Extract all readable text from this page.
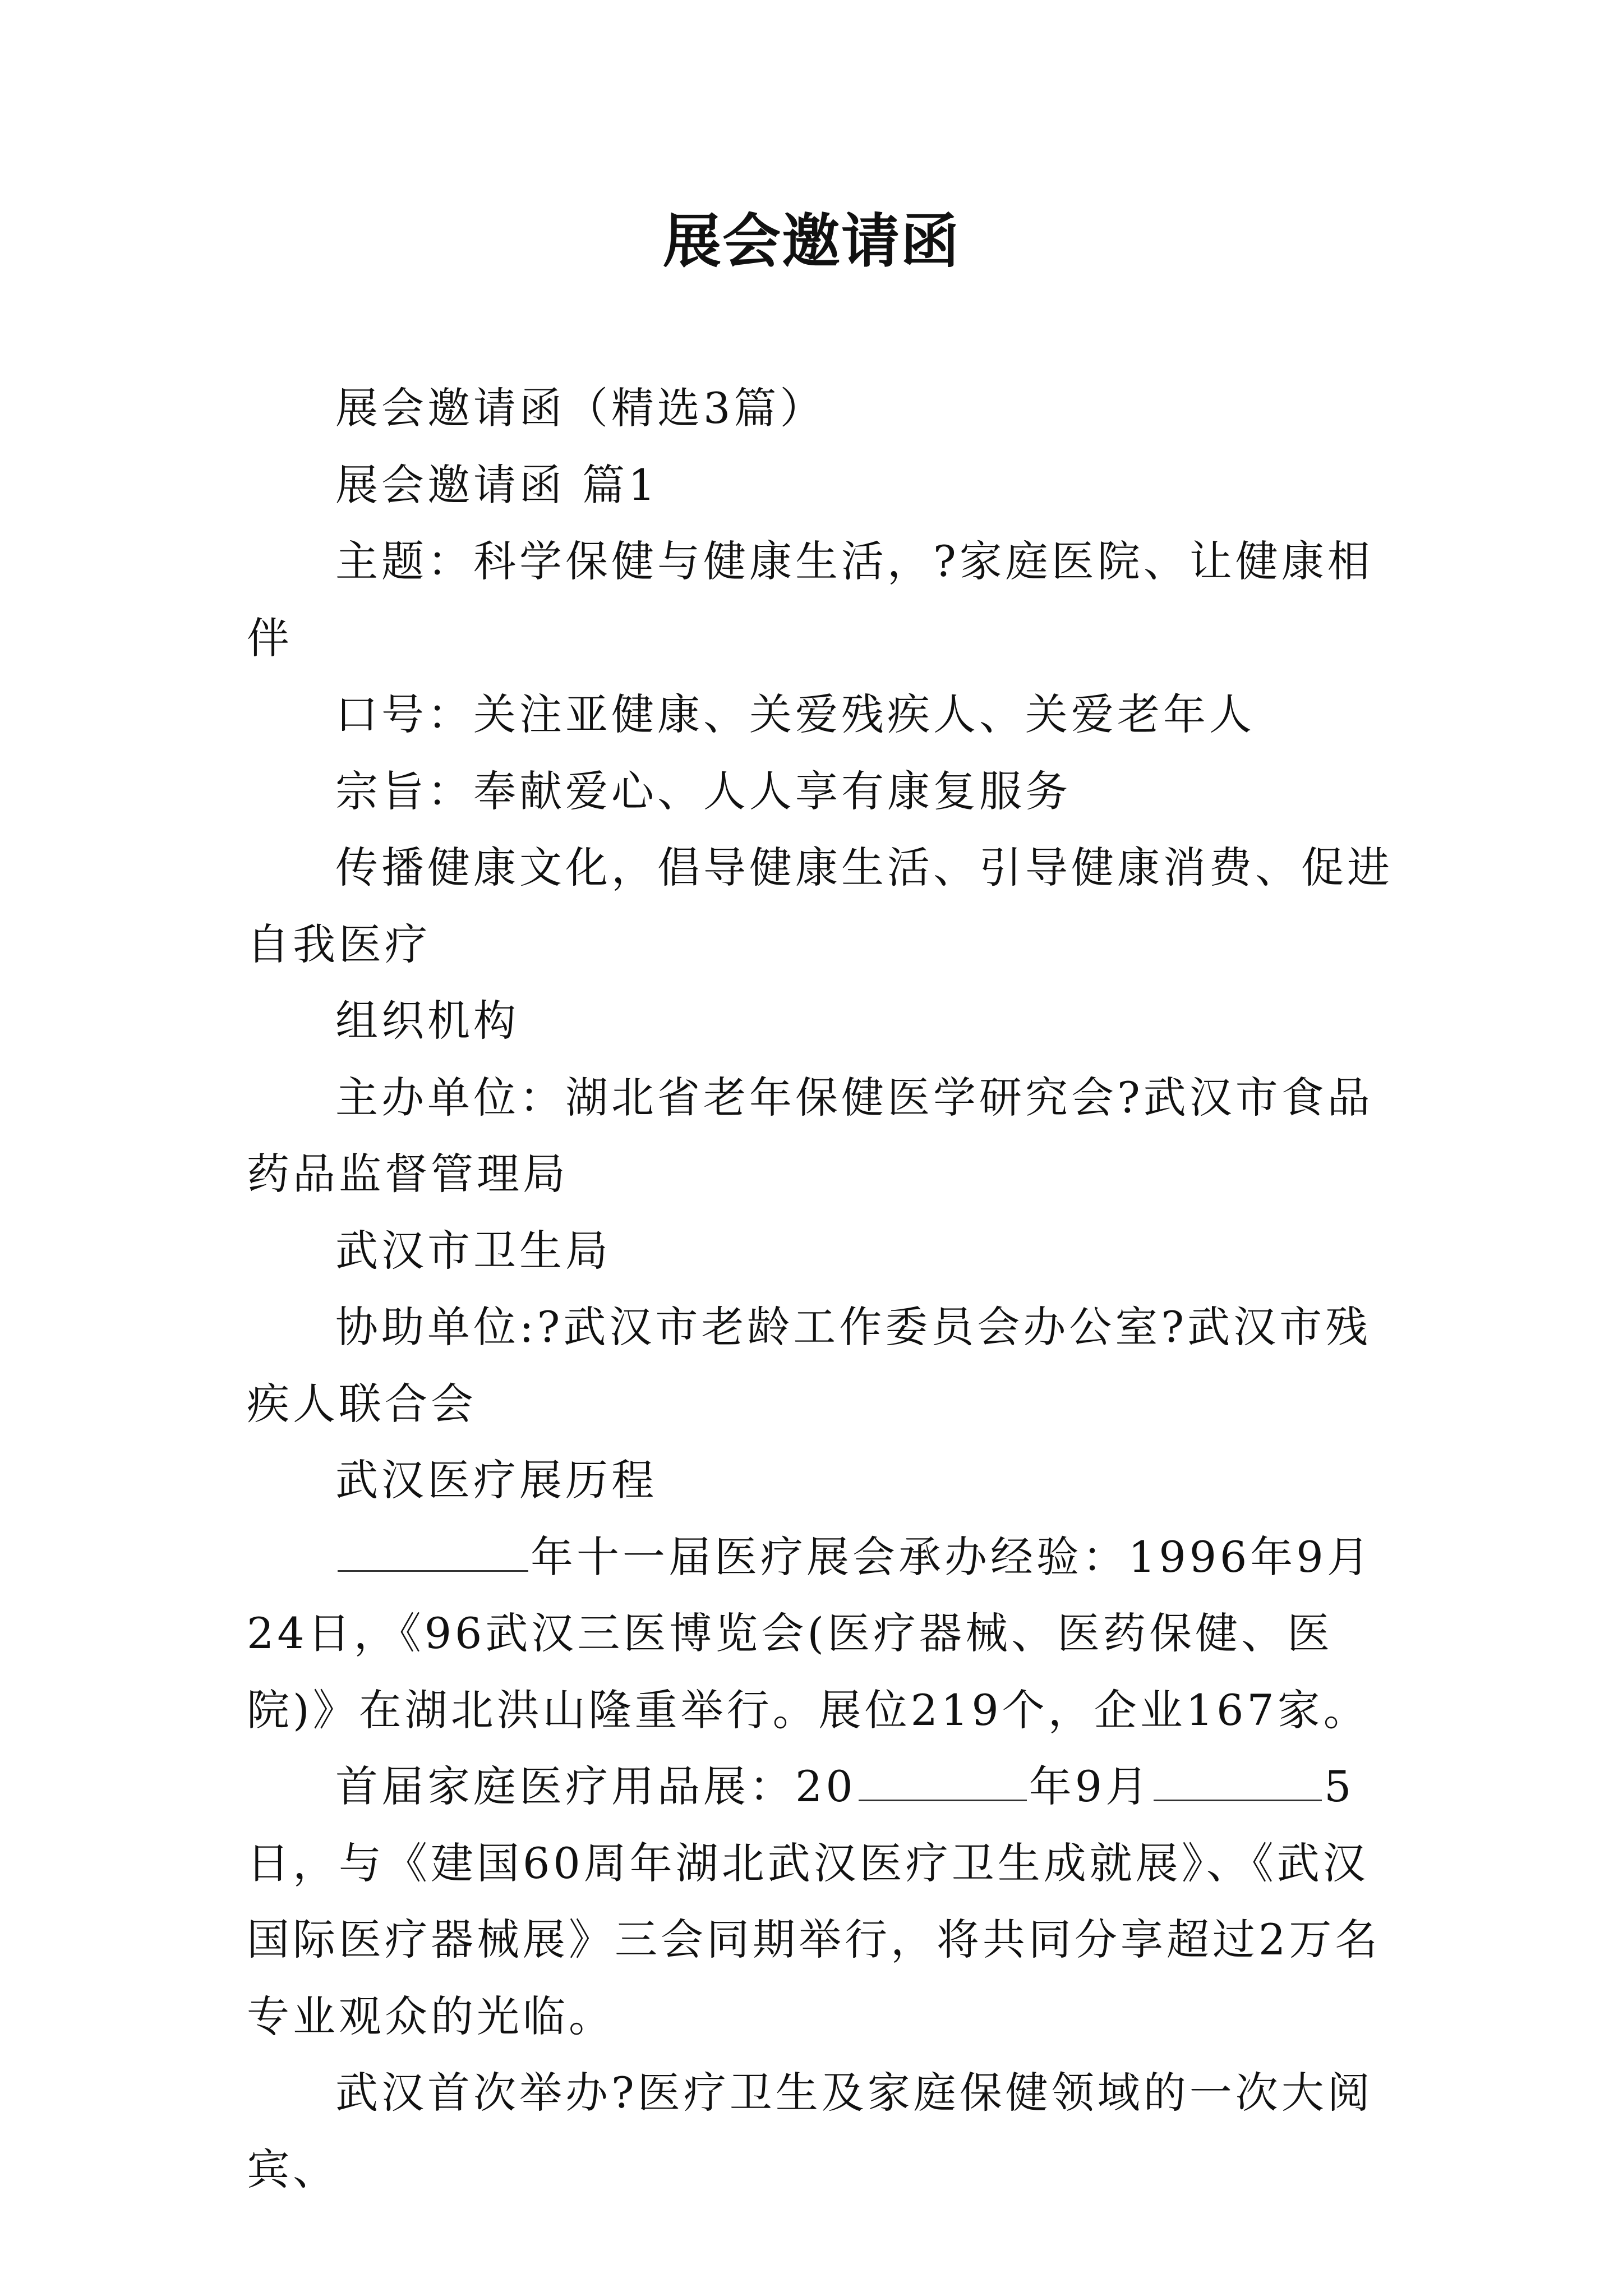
展会邀请函

展会邀请函（精选3篇）

展会邀请函 篇1

主题：科学保健与健康生活，?家庭医院、让健康相伴

口号：关注亚健康、关爱残疾人、关爱老年人

宗旨：奉献爱心、人人享有康复服务

传播健康文化，倡导健康生活、引导健康消费、促进自我医疗

组织机构

主办单位：湖北省老年保健医学研究会?武汉市食品药品监督管理局

武汉市卫生局

协助单位:?武汉市老龄工作委员会办公室?武汉市残疾人联合会

武汉医疗展历程

年十一届医疗展会承办经验：1996年9月24日，《96武汉三医博览会(医疗器械、医药保健、医院)》在湖北洪山隆重举行。展位219个，企业167家。

首届家庭医疗用品展：20	年9月	5日，与《建国60周年湖北武汉医疗卫生成就展》、《武汉国际医疗器械展》三会同期举行，将共同分享超过2万名专业观众的光临。

武汉首次举办?医疗卫生及家庭保健领域的一次大阅宾、
